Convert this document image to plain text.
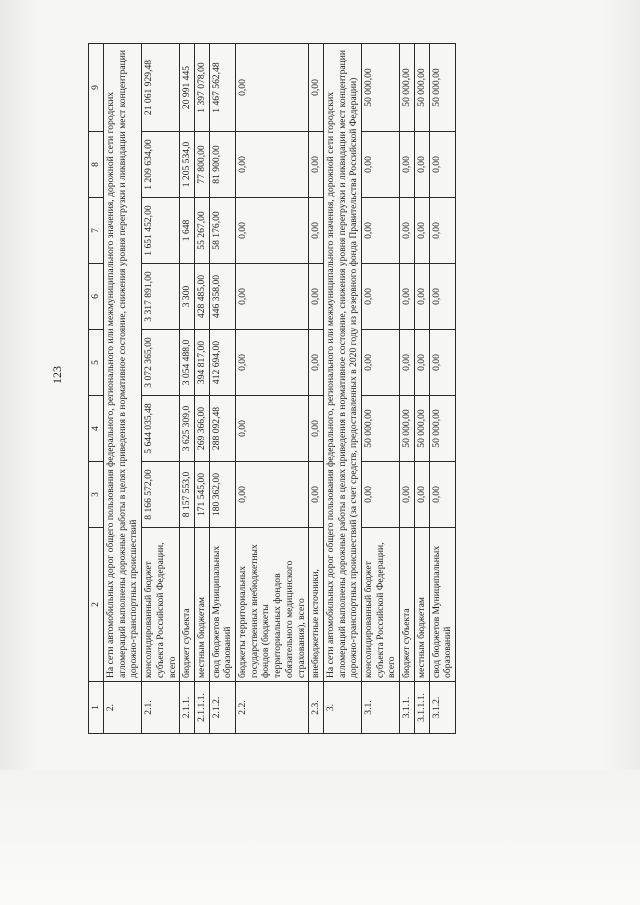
123
1	2	3	4	5	6	7	8	9
2.	На сети автомобильных дорог общего пользования федерального, регионального или межмуниципального значения, дорожной сети городских агломераций выполнены дорожные работы в целях приведения в нормативное состояние, снижения уровня перегрузки и ликвидации мест концентрации дорожно-транспортных происшествий							
2.1.	консолидированный бюджет субъекта Российской Федерации, всего	8 166 572,00	5 644 035,48	3 072 365,00	3 317 891,00	1 651 452,00	1 209 634,00	21 061 929,48
2.1.1.	бюджет субъекта	8 157 553,0	3 625 309,0	3 054 488,0	3 300	1 648	1 205 534,0	20 991 445
2.1.1.1.	местным бюджетам	171 545,00	269 366,00	394 817,00	428 485,00	55 267,00	77 800,00	1 397 078,00
2.1.2.	свод бюджетов Муниципальных образований	180 362,00	288 092,48	412 694,00	446 358,00	58 176,00	81 900,00	1 467 562,48
2.2.	бюджеты территориальных государственных внебюджетных фондов (бюджеты территориальных фондов обязательного медицинского страхования), всего	0,00	0,00	0,00	0,00	0,00	0,00	0,00
2.3.	внебюджетные источники,	0,00	0,00	0,00	0,00	0,00	0,00	0,00
3.	На сети автомобильных дорог общего пользования федерального, регионального или межмуниципального значения, дорожной сети городских агломераций выполнены дорожные работы в целях приведения в нормативное состояние, снижения уровня перегрузки и ликвидации мест концентрации дорожно-транспортных происшествий (за счет средств, предоставленных в 2020 году из резервного фонда Правительства Российской Федерации)							
3.1.	консолидированный бюджет субъекта Российской Федерации, всего	0,00	50 000,00	0,00	0,00	0,00	0,00	50 000,00
3.1.1.	бюджет субъекта	0,00	50 000,00	0,00	0,00	0,00	0,00	50 000,00
3.1.1.1.	местным бюджетам	0,00	50 000,00	0,00	0,00	0,00	0,00	50 000,00
3.1.2.	свод бюджетов Муниципальных образований	0,00	50 000,00	0,00	0,00	0,00	0,00	50 000,00
